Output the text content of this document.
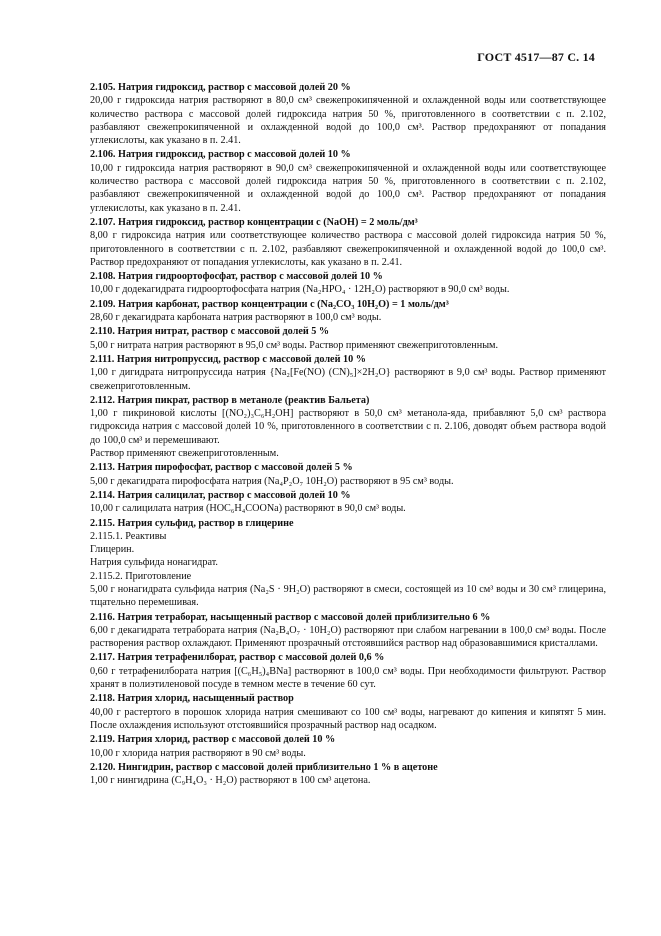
ГОСТ 4517—87 С. 14

2.105. Натрия гидроксид, раствор с массовой долей 20 %

20,00 г гидроксида натрия растворяют в 80,0 см³ свежепрокипяченной и охлажденной воды или соответствующее количество раствора с массовой долей гидроксида натрия 50 %, приготовленного в соответствии с п. 2.102, разбавляют свежепрокипяченной и охлажденной водой до 100,0 см³. Раствор предохраняют от попадания углекислоты, как указано в п. 2.41.

2.106. Натрия гидроксид, раствор с массовой долей 10 %

10,00 г гидроксида натрия растворяют в 90,0 см³ свежепрокипяченной и охлажденной воды или соответствующее количество раствора с массовой долей гидроксида натрия 50 %, приготовленного в соответствии с п. 2.102, разбавляют свежепрокипяченной и охлажденной водой до 100,0 см³. Раствор предохраняют от попадания углекислоты, как указано в п. 2.41.

2.107. Натрия гидроксид, раствор концентрации c (NaOH) = 2 моль/дм³

8,00 г гидроксида натрия или соответствующее количество раствора с массовой долей гидроксида натрия 50 %, приготовленного в соответствии с п. 2.102, разбавляют свежепрокипяченной и охлажденной водой до 100,0 см³. Раствор предохраняют от попадания углекислоты, как указано в п. 2.41.

2.108. Натрия гидроортофосфат, раствор с массовой долей 10 %

10,00 г додекагидрата гидроортофосфата натрия (Na₂HPO₄ · 12H₂O) растворяют в 90,0 см³ воды.

2.109. Натрия карбонат, раствор концентрации c (Na₂CO₃ 10H₂O) = 1 моль/дм³

28,60 г декагидрата карбоната натрия растворяют в 100,0 см³ воды.

2.110. Натрия нитрат, раствор с массовой долей 5 %

5,00 г нитрата натрия растворяют в 95,0 см³ воды. Раствор применяют свежеприготовленным.

2.111. Натрия нитропруссид, раствор с массовой долей 10 %

1,00 г дигидрата нитропруссида натрия {Na₂[Fe(NO) (CN)₅]×2H₂O} растворяют в 9,0 см³ воды. Раствор применяют свежеприготовленным.

2.112. Натрия пикрат, раствор в метаноле (реактив Бальета)

1,00 г пикриновой кислоты [(NO₂)₃C₆H₂OH] растворяют в 50,0 см³ метанола-яда, прибавляют 5,0 см³ раствора гидроксида натрия с массовой долей 10 %, приготовленного в соответствии с п. 2.106, доводят объем раствора водой до 100,0 см³ и перемешивают.

Раствор применяют свежеприготовленным.

2.113. Натрия пирофосфат, раствор с массовой долей 5 %

5,00 г декагидрата пирофосфата натрия (Na₄P₂O₇ 10H₂O) растворяют в 95 см³ воды.

2.114. Натрия салицилат, раствор с массовой долей 10 %

10,00 г салицилата натрия (HOC₆H₄COONa) растворяют в 90,0 см³ воды.

2.115. Натрия сульфид, раствор в глицерине

2.115.1. Реактивы

Глицерин.

Натрия сульфида нонагидрат.

2.115.2. Приготовление

5,00 г нонагидрата сульфида натрия (Na₂S · 9H₂O) растворяют в смеси, состоящей из 10 см³ воды и 30 см³ глицерина, тщательно перемешивая.

2.116. Натрия тетраборат, насыщенный раствор с массовой долей приблизительно 6 %

6,00 г декагидрата тетрабората натрия (Na₂B₄O₇ · 10H₂O) растворяют при слабом нагревании в 100,0 см³ воды. После растворения раствор охлаждают. Применяют прозрачный отстоявшийся раствор над образовавшимися кристаллами.

2.117. Натрия тетрафенилборат, раствор с массовой долей 0,6 %

0,60 г тетрафенилбората натрия [(C₆H₅)₄BNa] растворяют в 100,0 см³ воды. При необходимости фильтруют. Раствор хранят в полиэтиленовой посуде в темном месте в течение 60 сут.

2.118. Натрия хлорид, насыщенный раствор

40,00 г растертого в порошок хлорида натрия смешивают со 100 см³ воды, нагревают до кипения и кипятят 5 мин. После охлаждения используют отстоявшийся прозрачный раствор над осадком.

2.119. Натрия хлорид, раствор с массовой долей 10 %

10,00 г хлорида натрия растворяют в 90 см³ воды.

2.120. Нингидрин, раствор с массовой долей приблизительно 1 % в ацетоне

1,00 г нингидрина (C₉H₄O₃ · H₂O) растворяют в 100 см³ ацетона.
